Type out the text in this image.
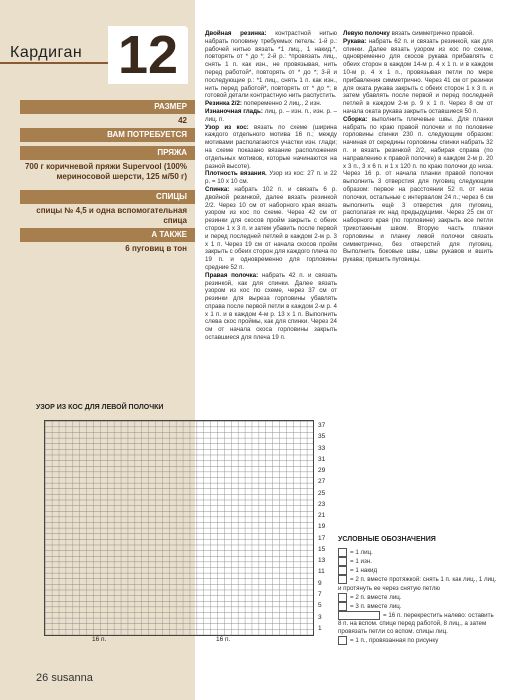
Кардиган 12
РАЗМЕР
42
ВАМ ПОТРЕБУЕТСЯ
ПРЯЖА
700 г коричневой пряжи Supervool (100% мериносовой шерсти, 125 м/50 г)
СПИЦЫ
спицы № 4,5 и одна вспомогательная спица
А ТАКЖЕ
6 пуговиц в тон
Двойная резинка: контрастной нитью набрать половину требуемых петель: 1-й р.: рабочей нитью вязать *1 лиц., 1 накид.*, повторять от * до *; 2-й р.: *провязать лиц., снять 1 п. как изн., не провязывая, нить перед работой*, повторять от * до *; 3-й и последующие р.: *1 лиц., снять 1 п. как изн., нить перед работой*, повторять от * до *; в готовой детали контрастную нить распустить.
Резинка 2/2: попеременно 2 лиц., 2 изн.
Изнаночная гладь: лиц. р. – изн. п., изн. р. – лиц. п.
Узор из кос: вязать по схеме (ширина каждого отдельного мотива 16 п.; между мотивами располагаются участки изн. глади; на схеме показано вязание расположения отдельных мотивов, которые начинаются на разной высоте).
Плотность вязания. Узор из кос: 27 п. и 22 р. = 10 х 10 см.
Спинка: набрать 102 п. и связать 6 р. двойной резинкой, далее вязать резинкой 2/2. Через 10 см от наборного края вязать узором из кос по схеме. Через 42 см от резинки для скосов пройм закрыть с обеих сторон 1 х 3 п. и затем убавить после первой и перед последней петлей в каждом 2-м р. 3 х 1 п. Через 19 см от начала скосов пройм закрыть с обеих сторон для каждого плеча по 19 п. и одновременно для горловины средние 52 п.
Правая полочка: набрать 42 п. и связать резинкой, как для спинки. Далее вязать узором из кос по схеме, через 37 см от резинки для выреза горловины убавлять справа после первой петли в каждом 2-м р. 4 х 1 п. и в каждом 4-м р. 13 х 1 п. Выполнить слева скос проймы, как для спинки. Через 24 см от начала скоса горловины закрыть оставшиеся для плеча 19 п.
Левую полочку вязать симметрично правой.
Рукава: набрать 62 п. и связать резинкой, как для спинки. Далее вязать узором из кос по схеме, одновременно для скосов рукава прибавлять с обеих сторон в каждом 14-м р. 4 х 1 п. и в каждом 10-м р. 4 х 1 п., провязывая петли по мере прибавления симметрично. Через 41 см от резинки для оката рукава закрыть с обеих сторон 1 х 3 п. и затем убавлять после первой и перед последней петлей в каждом 2-м р. 9 х 1 п. Через 8 см от начала оката рукава закрыть оставшиеся 50 п.
Сборка: выполнить плечевые швы. Для планки набрать по краю правой полочки и по половине горловины спинки 230 п. следующим образом: начиная от середины горловины спинки набрать 32 п. и вязать резинкой 2/2, набирая справа (по направлению к правой полочке) в каждом 2-м р. 20 х 3 п., 3 х 6 п. и 1 х 120 п. по краю полочки до низа. Через 16 р. от начала планки правой полочки выполнить 3 отверстия для пуговиц следующим образом: первое на расстоянии 52 п. от низа полочки, остальные с интервалом 24 п.; через 6 см выполнить ещё 3 отверстия для пуговиц, располагая их над предыдущими. Через 25 см от наборного края (по горловине) закрыть все петли трикотажным швом. Вторую часть планки горловины и планку левой полочки связать симметрично, без отверстий для пуговиц. Выполнить боковые швы, швы рукавов и вшить рукава; пришить пуговицы.
УЗОР ИЗ КОС ДЛЯ ЛЕВОЙ ПОЛОЧКИ
37
35
33
31
29
27
25
23
21
19
17
15
13
11
9
7
5
3
1
16 п.	16 п.
УСЛОВНЫЕ ОБОЗНАЧЕНИЯ
= 1 лиц.
= 1 изн.
= 1 накид
= 2 п. вместе протяжкой: снять 1 п. как лиц., 1 лиц. и протянуть ее через снятую петлю
= 2 п. вместе лиц.
= 3 п. вместе лиц.
= 16 п. перекрестить налево: оставить 8 п. на вспом. спице перед работой, 8 лиц., а затем провязать петли со вспом. спицы лиц.
= 1 п., провязанная по рисунку
26 susanna
